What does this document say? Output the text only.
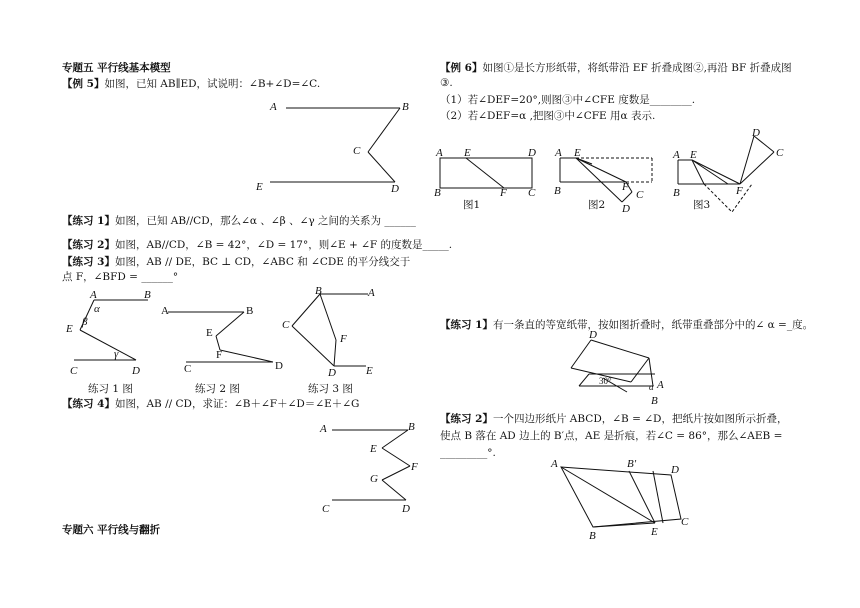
专题五 平行线基本模型
【例 5】如图，已知 AB∥ED，试说明：∠B+∠D=∠C.
A	B
C
E	D
【练习 1】如图，已知 AB//CD，那么∠α 、∠β 、∠γ 之间的关系为 ______
【练习 2】如图，AB//CD，∠B = 42°，∠D = 17°，则∠E + ∠F 的度数是_____.
【练习 3】如图，AB // DE，BC ⊥ CD，∠ABC 和 ∠CDE 的平分线交于
点 F，∠BFD = ______°
A	B
α
β
E
γ
C	D
A	B
E
F
C	D
B	A
C
F
D	E
练习 1 图	练习 2 图	练习 3 图
【练习 4】如图，AB // CD，求证：∠B＋∠F＋∠D＝∠E＋∠G
A	B
E
F
G
C	D
专题六 平行线与翻折
【例 6】如图①是长方形纸带，将纸带沿 EF 折叠成图②,再沿 BF 折叠成图
③.
（1）若∠DEF=20°,则图③中∠CFE 度数是________.
（2）若∠DEF=α ,把图③中∠CFE 用α 表示.
A E	D
B	F C
图1
A E
B	F
C
D
图2
A E
D
C
B	F
图3
【练习 1】有一条直的等宽纸带，按如图折叠时，纸带重叠部分中的∠ α =_度。
D
30°
α A
B
【练习 2】一个四边形纸片 ABCD，∠B = ∠D，把纸片按如图所示折叠，
使点 B 落在 AD 边上的 B′点，AE 是折痕，若∠C = 86°，那么∠AEB =
_________°.
A	B′	D
C
E
B
